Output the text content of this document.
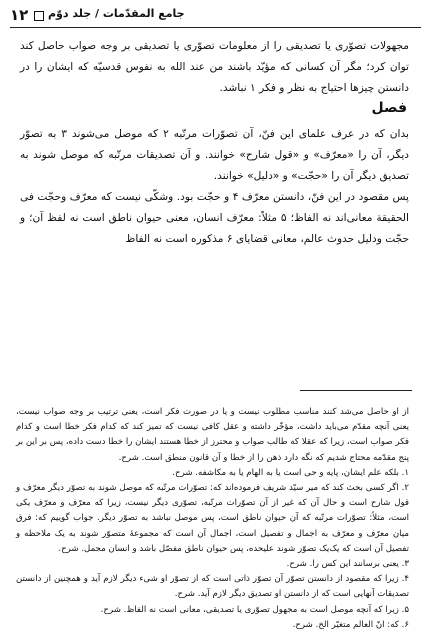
۱۲ جامع المقدّمات / جلد دوّم

مجهولات تصوّری یا تصدیقی را از معلومات تصوّری یا تصدیقی بر وجه صواب حاصل کند توان کرد؛ مگر آن کسانی که مؤیّد باشند من عند الله به نفوس قدسیّه که ایشان را در دانستن چیزها احتیاج به نظر و فکر ۱ نباشد.

فصل

بدان که در عرف علمای این فنّ، آن تصوّرات مرتّبه ۲ که موصل می‌شوند ۳ به تصوّر دیگر، آن را «معرّف» و «قول شارح» خوانند. و آن تصدیقات مرتّبه که موصل شوند به تصدیق دیگر آن را «حجّت» و «دلیل» خوانند.

پس مقصود در این فنّ، دانستن معرّف ۴ و حجّت بود. وشکّی نیست که معرّف وحجّت فی الحقیقة معانی‌اند نه الفاظ؛ ۵ مثلاً: معرّف انسان، معنی حیوان ناطق است نه لفظ آن؛ و حجّت ودلیل حدوث عالم، معانی قضایای ۶ مذکوره است نه الفاظ

از او حاصل می‌شد کنند مناسب مطلوب نیست و یا در صورت فکر است، یعنی ترتیب بر وجه صواب نیست، یعنی آنچه مقدّم می‌باید داشت، مؤخّر داشته و عقل کافی نیست که تمیز کند که کدام فکر خطا است و کدام فکر صواب است، زیرا که عقلا که طالب صواب و محترز از خطا هستند ایشان را خطا دست داده، پس بر این بر پنج مقدّمه محتاج شدیم که نگه دارد ذهن را از خطا و آن قانون منطق است. شرح.

۱. بلکه علم ایشان، پایه و حی است یا به الهام یا به مکاشفه. شرح.

۲. اگر کسی بحث کند که میر سیّد شریف فرموده‌اند که: تصوّرات مرتّبه که موصل شوند به تصوّر دیگر معرّف و قول شارح است و حال آن که غیر از آن تصوّرات مرتّبه، تصوّری دیگر نیست، زیرا که معرّف و معرّف یکی است، مثلاً: تصوّرات مرتّبه که آن حیوان ناطق است، پس موصل نباشد به تصوّر دیگر. جواب گوییم که: فرق میان معرّف و معرّف به اجمال و تفصیل است، اجمال آن است که مجموعهٔ متصوّر شوند به یک ملاحظه و تفصیل آن است که یک‌یک تصوّر شوند علیحده، پس حیوان ناطق مفصّل باشد و انسان مجمل. شرح.

۳. یعنی برسانند این کس را. شرح.

۴. زیرا که مقصود از دانستن تصوّر آن تصوّر ذاتی است که از تصوّر او شیء دیگر لازم آید و همچنین از دانستن تصدیقات آنهایی است که از دانستن او تصدیق دیگر لازم آید. شرح.

۵. زیرا که آنچه موصل است به مجهول تصوّری یا تصدیقی، معانی است نه الفاظ. شرح.

۶. که: انّ العالم متغیّر الخ. شرح.
